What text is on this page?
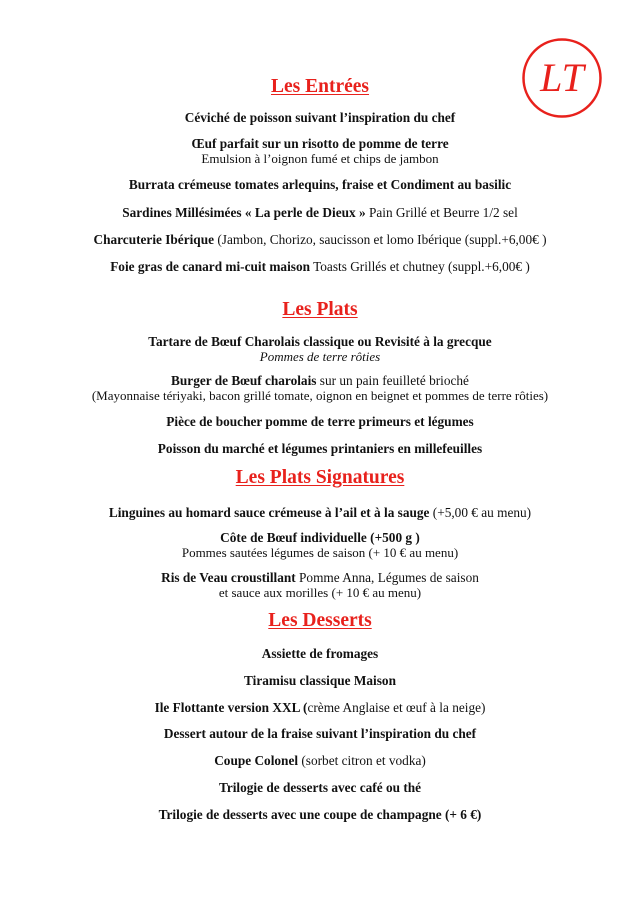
LT
Les Entrées
Céviché de poisson suivant l’inspiration du chef
Œuf parfait sur un risotto de pomme de terre
Emulsion à l’oignon fumé et chips de jambon
Burrata crémeuse tomates arlequins, fraise et Condiment au basilic
Sardines Millésimées « La perle de Dieux » Pain Grillé et Beurre 1/2 sel
Charcuterie Ibérique (Jambon, Chorizo, saucisson et lomo Ibérique (suppl.+6,00€ )
Foie gras de canard mi-cuit maison Toasts Grillés et chutney (suppl.+6,00€ )
Les Plats
Tartare de Bœuf Charolais classique ou Revisité à la grecque
Pommes de terre rôties
Burger de Bœuf charolais sur un pain feuilleté brioché
(Mayonnaise tériyaki, bacon grillé tomate, oignon en beignet et pommes de terre rôties)
Pièce de boucher pomme de terre primeurs et légumes
Poisson du marché et légumes printaniers en millefeuilles
Les Plats Signatures
Linguines au homard sauce crémeuse à l’ail et à la sauge (+5,00 € au menu)
Côte de Bœuf individuelle (+500 g )
Pommes sautées légumes de saison (+ 10 € au menu)
Ris de Veau croustillant Pomme Anna, Légumes de saison
et sauce aux morilles (+ 10 € au menu)
Les Desserts
Assiette de fromages
Tiramisu classique Maison
Ile Flottante version XXL (crème Anglaise et œuf à la neige)
Dessert autour de la fraise suivant l’inspiration du chef
Coupe Colonel (sorbet citron et vodka)
Trilogie de desserts avec café ou thé
Trilogie de desserts avec une coupe de champagne (+ 6 €)
